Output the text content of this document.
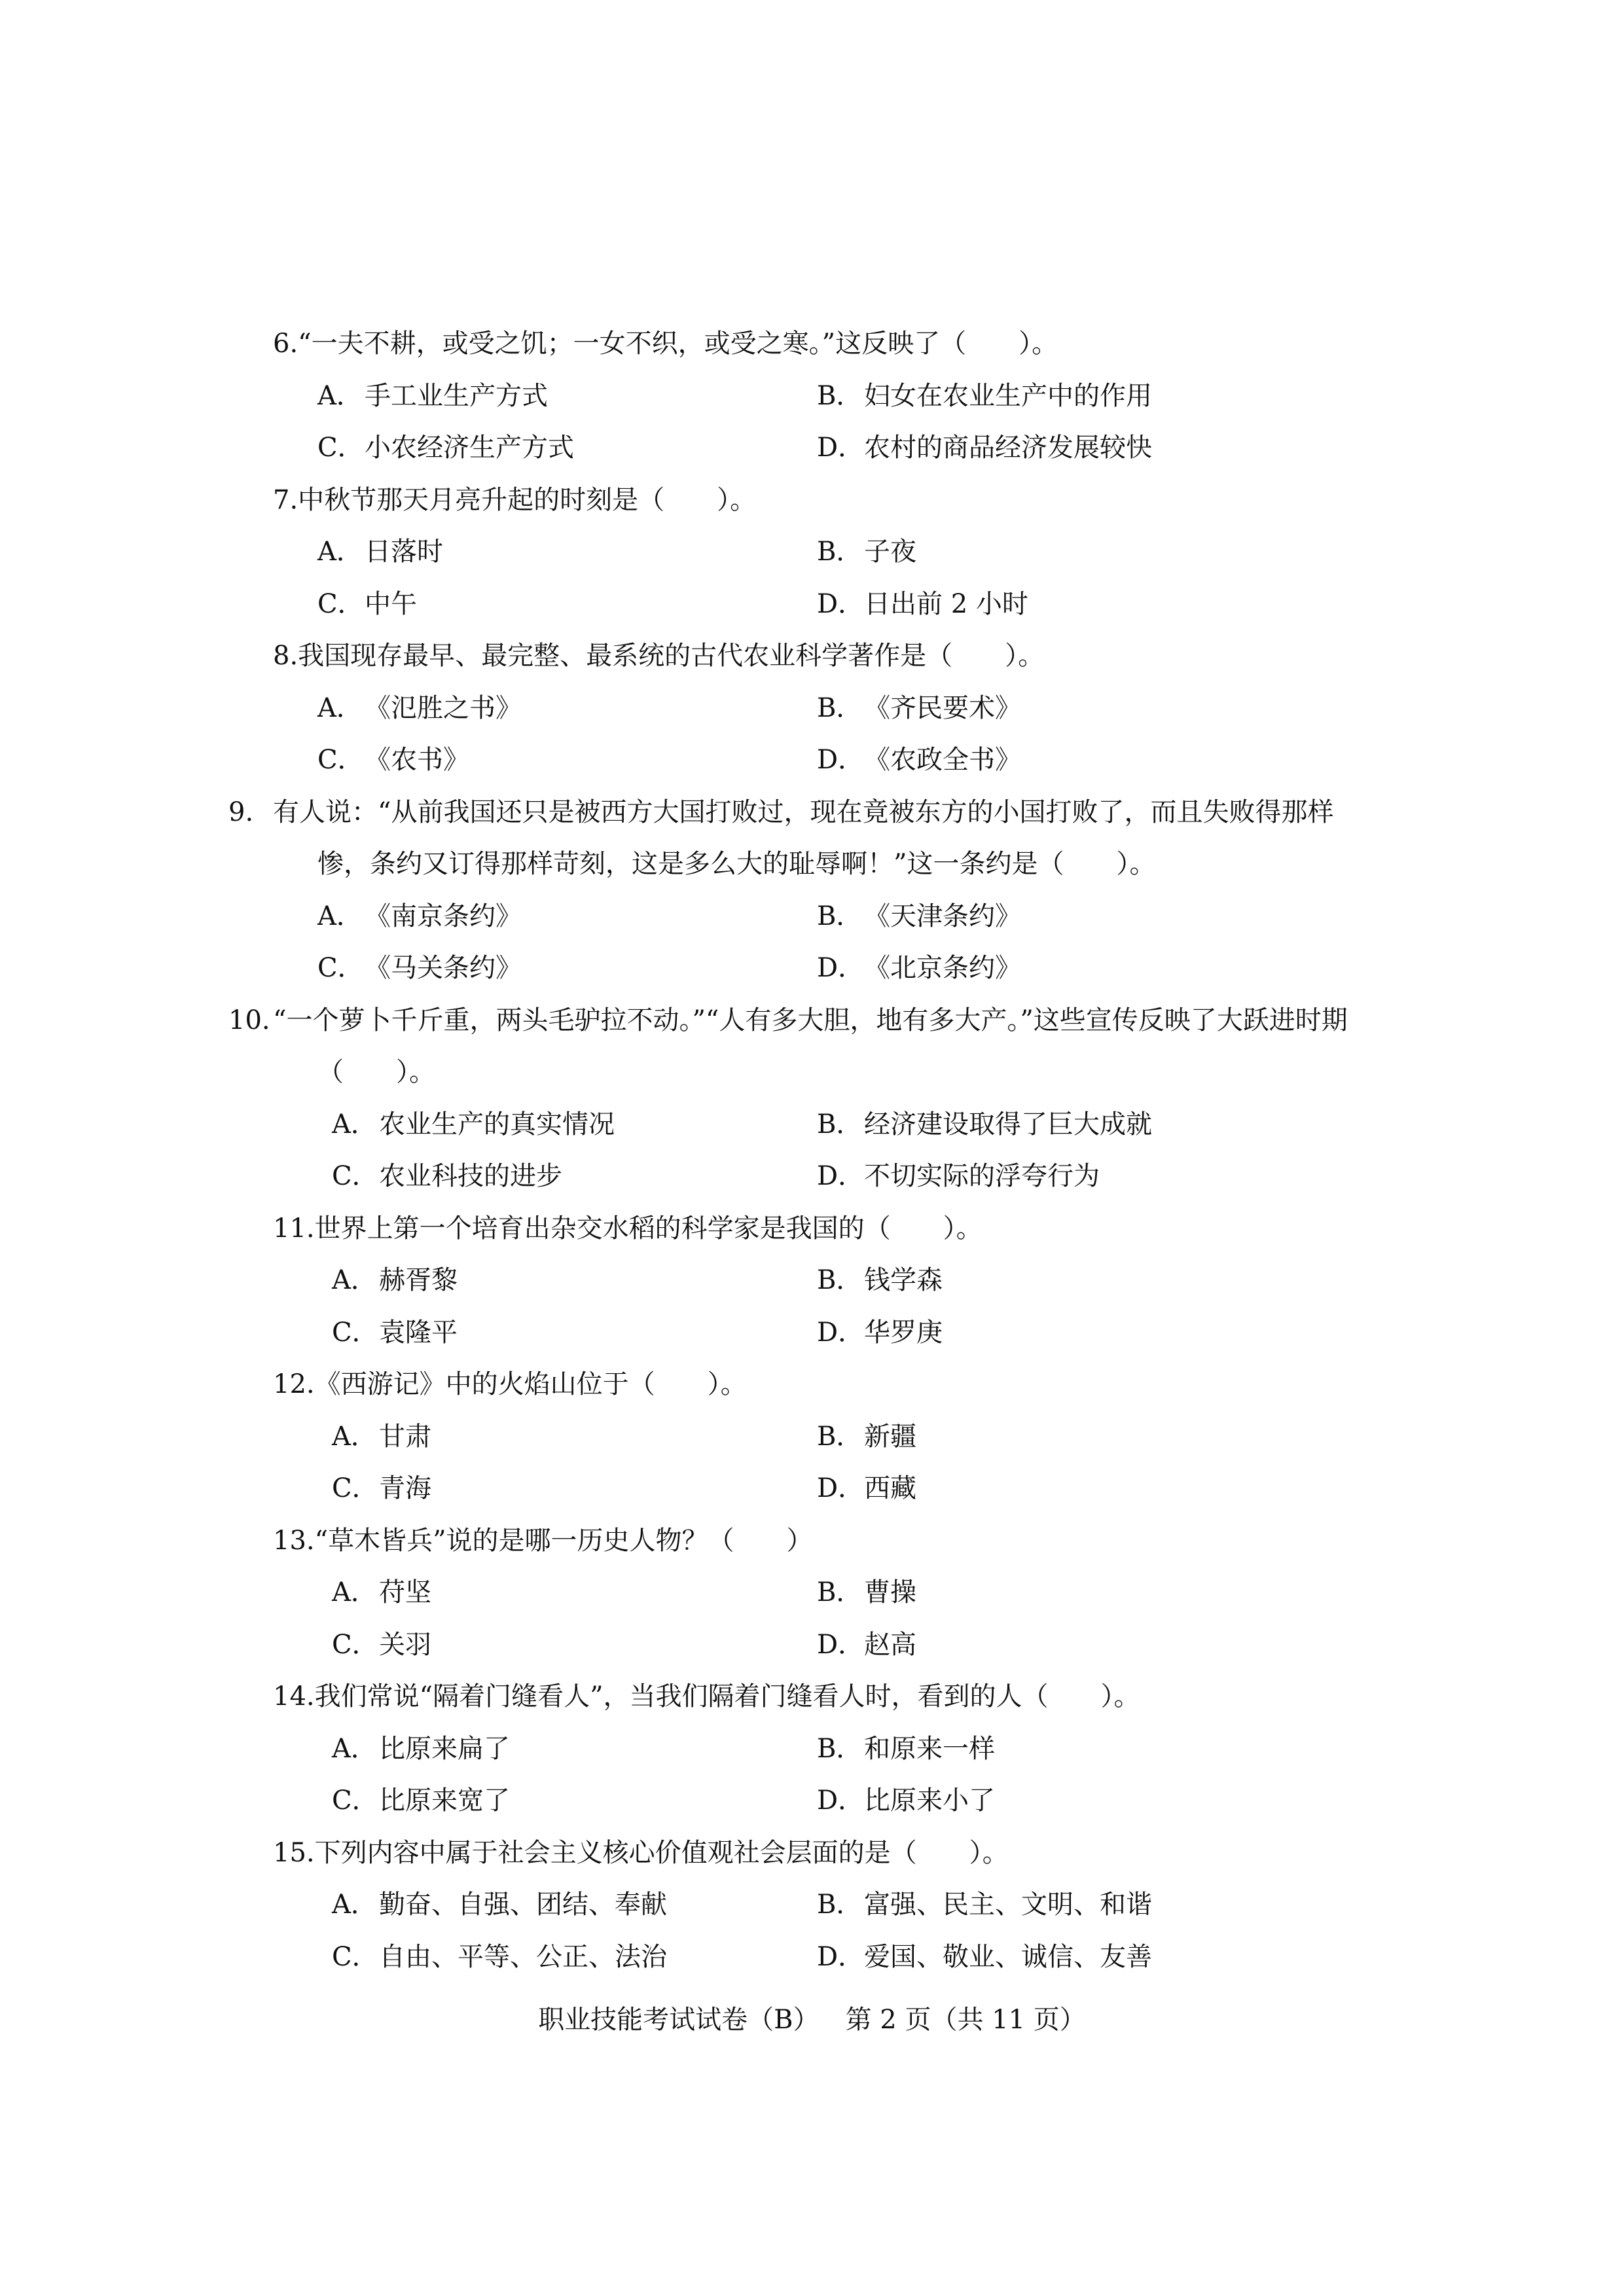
6.“一夫不耕，或受之饥；一女不织，或受之寒。”这反映了（　　）。
A．手工业生产方式	B．妇女在农业生产中的作用
C．小农经济生产方式	D．农村的商品经济发展较快
7.中秋节那天月亮升起的时刻是（　　）。
A．日落时	B．子夜
C．中午	D．日出前 2 小时
8.我国现存最早、最完整、最系统的古代农业科学著作是（　　）。
A．《氾胜之书》	B．《齐民要术》
C．《农书》	D．《农政全书》
9. 有人说：“从前我国还只是被西方大国打败过，现在竟被东方的小国打败了，而且失败得那样惨，条约又订得那样苛刻，这是多么大的耻辱啊！”这一条约是（　　）。
A．《南京条约》	B．《天津条约》
C．《马关条约》	D．《北京条约》
10. “一个萝卜千斤重，两头毛驴拉不动。”“人有多大胆，地有多大产。”这些宣传反映了大跃进时期（　　）。
A．农业生产的真实情况	B．经济建设取得了巨大成就
C．农业科技的进步	D．不切实际的浮夸行为
11.世界上第一个培育出杂交水稻的科学家是我国的（　　）。
A．赫胥黎	B．钱学森
C．袁隆平	D．华罗庚
12.《西游记》中的火焰山位于（　　）。
A．甘肃	B．新疆
C．青海	D．西藏
13.“草木皆兵”说的是哪一历史人物？（　　）
A．苻坚	B．曹操
C．关羽	D．赵高
14.我们常说“隔着门缝看人”，当我们隔着门缝看人时，看到的人（　　）。
A．比原来扁了	B．和原来一样
C．比原来宽了	D．比原来小了
15.下列内容中属于社会主义核心价值观社会层面的是（　　）。
A．勤奋、自强、团结、奉献	B．富强、民主、文明、和谐
C．自由、平等、公正、法治	D．爱国、敬业、诚信、友善
职业技能考试试卷（B） 第 2 页（共 11 页）
